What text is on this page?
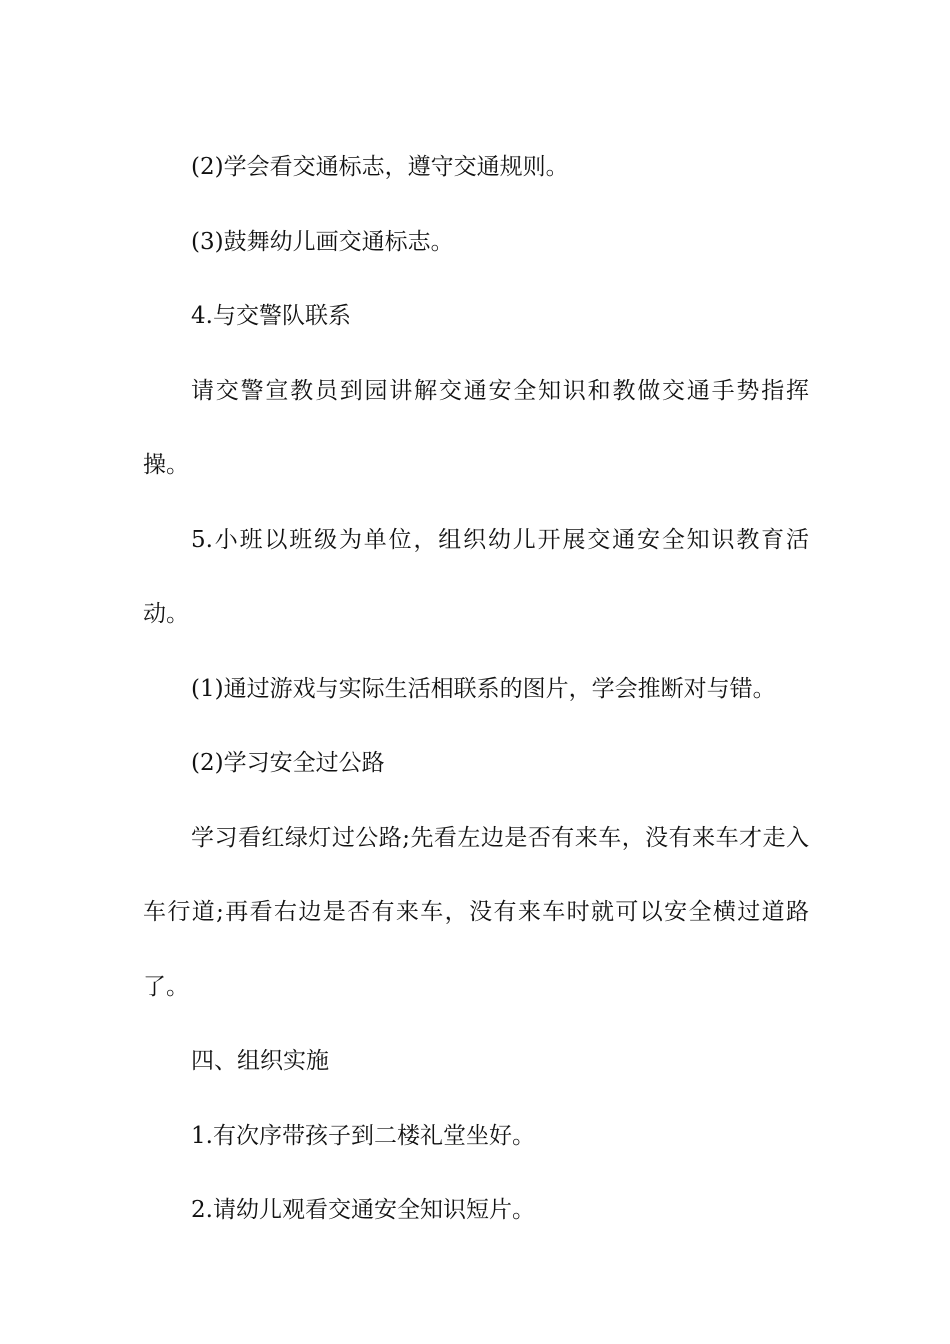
(2)学会看交通标志，遵守交通规则。

(3)鼓舞幼儿画交通标志。

4.与交警队联系

请交警宣教员到园讲解交通安全知识和教做交通手势指挥操。

5.小班以班级为单位，组织幼儿开展交通安全知识教育活动。

(1)通过游戏与实际生活相联系的图片，学会推断对与错。

(2)学习安全过公路

学习看红绿灯过公路;先看左边是否有来车，没有来车才走入车行道;再看右边是否有来车，没有来车时就可以安全横过道路了。

四、组织实施

1.有次序带孩子到二楼礼堂坐好。

2.请幼儿观看交通安全知识短片。
